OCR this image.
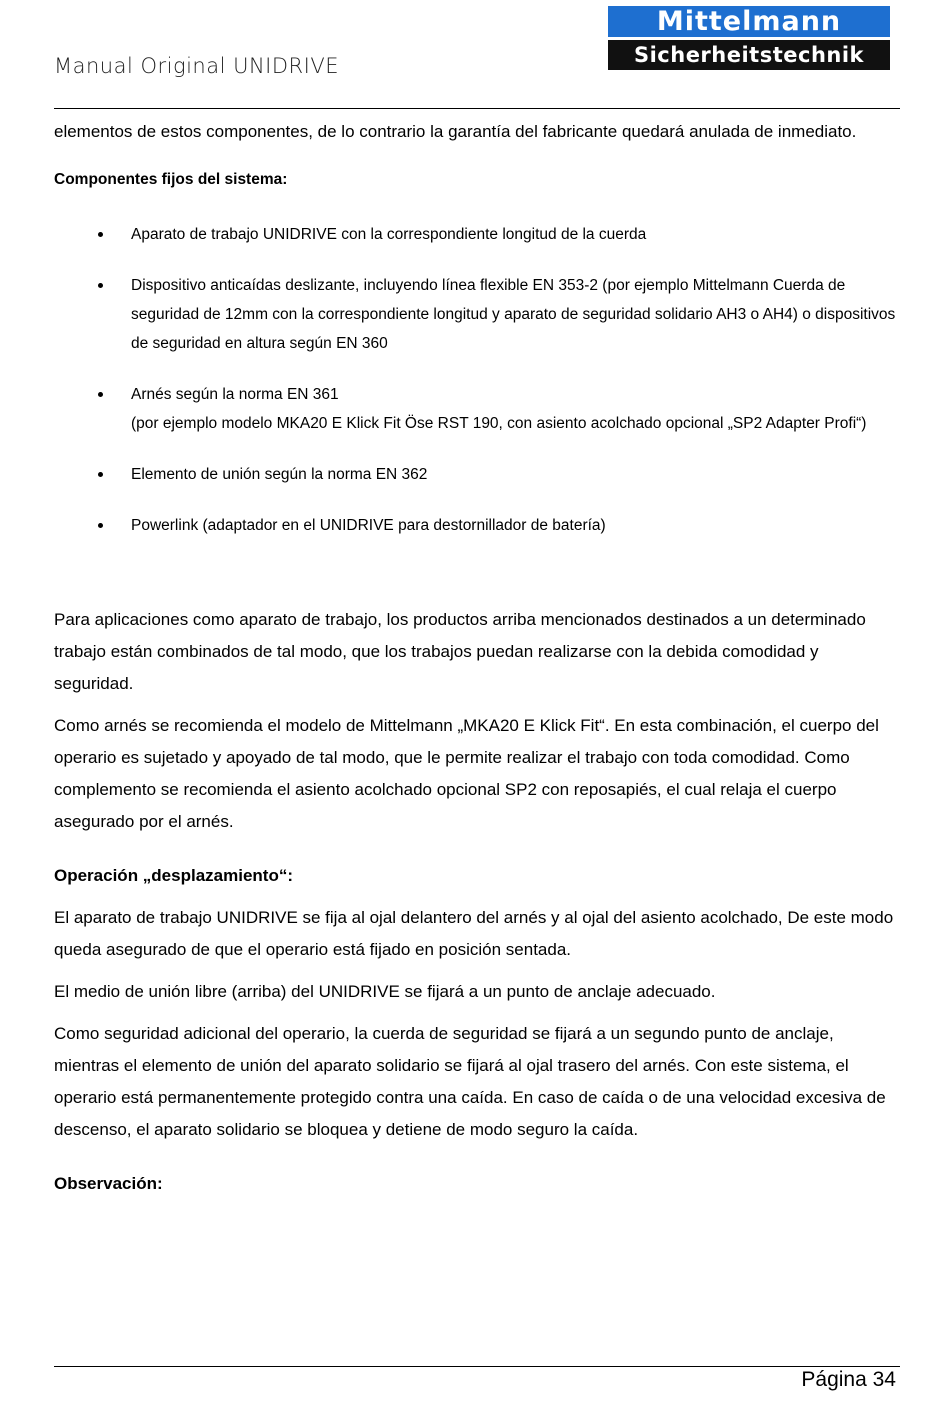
Manual Original UNIDRIVE
Mittelmann
Sicherheitstechnik

elementos de estos componentes, de lo contrario la garantía del fabricante quedará anulada de inmediato.

Componentes fijos del sistema:

Aparato de trabajo UNIDRIVE con la correspondiente longitud de la cuerda
Dispositivo anticaídas deslizante, incluyendo línea flexible EN 353-2 (por ejemplo Mittelmann Cuerda de seguridad de 12mm con la correspondiente longitud y aparato de seguridad solidario AH3 o AH4) o dispositivos de seguridad en altura según EN 360
Arnés según la norma EN 361
(por ejemplo modelo MKA20 E Klick Fit Öse RST 190, con asiento acolchado opcional „SP2 Adapter Profi“)
Elemento de unión según la norma EN 362
Powerlink (adaptador en el UNIDRIVE para destornillador de batería)

Para aplicaciones como aparato de trabajo, los productos arriba mencionados destinados a un determinado trabajo están combinados de tal modo, que los trabajos puedan realizarse con la debida comodidad y seguridad.

Como arnés se recomienda el modelo de Mittelmann „MKA20 E Klick Fit“. En esta combinación, el cuerpo del operario es sujetado y apoyado de tal modo, que le permite realizar el trabajo con toda comodidad. Como complemento se recomienda el asiento acolchado opcional SP2 con reposapiés, el cual relaja el cuerpo asegurado por el arnés.

Operación „desplazamiento“:

El aparato de trabajo UNIDRIVE se fija al ojal delantero del arnés y al ojal del asiento acolchado, De este modo queda asegurado de que el operario está fijado en posición sentada.

El medio de unión libre (arriba) del UNIDRIVE se fijará a un punto de anclaje adecuado.

Como seguridad adicional del operario, la cuerda de seguridad se fijará a un segundo punto de anclaje, mientras el elemento de unión del aparato solidario se fijará al ojal trasero del arnés. Con este sistema, el operario está permanentemente protegido contra una caída. En caso de caída o de una velocidad excesiva de descenso, el aparato solidario se bloquea y detiene de modo seguro la caída.

Observación:

Página 34
